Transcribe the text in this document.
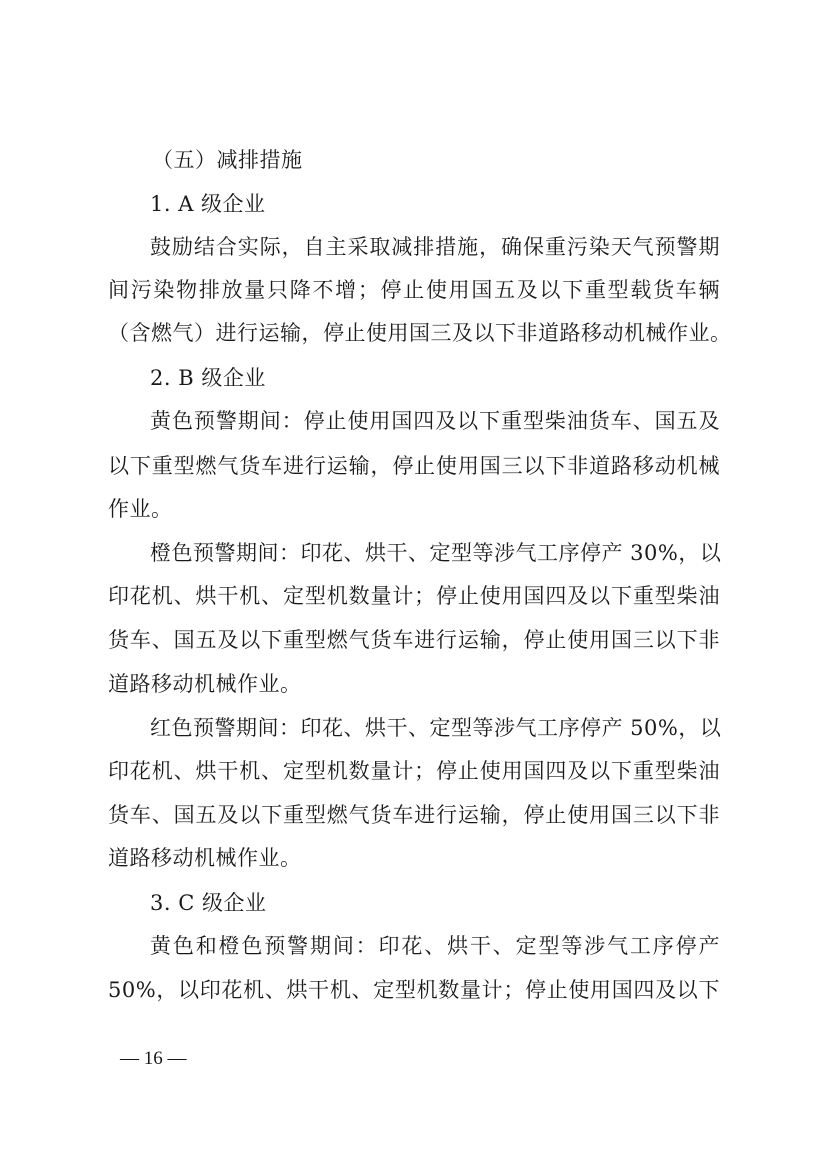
（五）减排措施
1. A 级企业
鼓励结合实际，自主采取减排措施，确保重污染天气预警期
间污染物排放量只降不增；停止使用国五及以下重型载货车辆
（含燃气）进行运输，停止使用国三及以下非道路移动机械作业。
2. B 级企业
黄色预警期间：停止使用国四及以下重型柴油货车、国五及
以下重型燃气货车进行运输，停止使用国三以下非道路移动机械
作业。
橙色预警期间：印花、烘干、定型等涉气工序停产 30%，以
印花机、烘干机、定型机数量计；停止使用国四及以下重型柴油
货车、国五及以下重型燃气货车进行运输，停止使用国三以下非
道路移动机械作业。
红色预警期间：印花、烘干、定型等涉气工序停产 50%，以
印花机、烘干机、定型机数量计；停止使用国四及以下重型柴油
货车、国五及以下重型燃气货车进行运输，停止使用国三以下非
道路移动机械作业。
3. C 级企业
黄色和橙色预警期间：印花、烘干、定型等涉气工序停产
50%，以印花机、烘干机、定型机数量计；停止使用国四及以下
— 16 —
